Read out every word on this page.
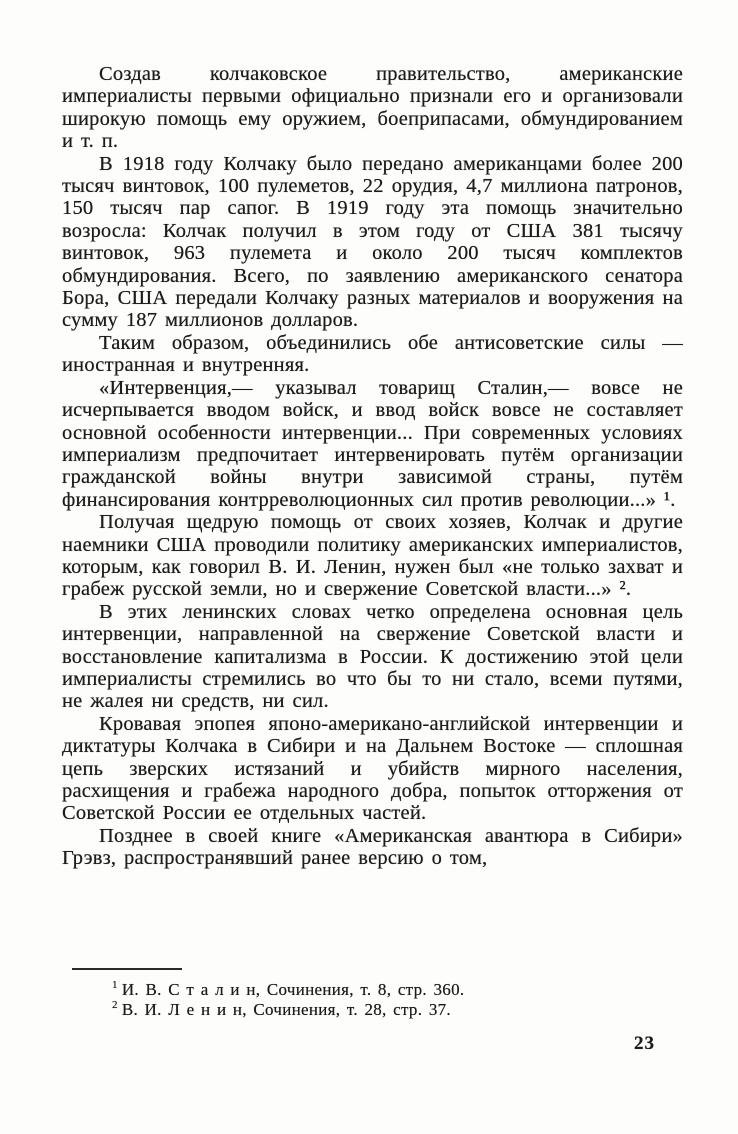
Создав колчаковское правительство, американские империалисты первыми официально признали его и организовали широкую помощь ему оружием, боеприпасами, обмундированием и т. п.

В 1918 году Колчаку было передано американцами более 200 тысяч винтовок, 100 пулеметов, 22 орудия, 4,7 миллиона патронов, 150 тысяч пар сапог. В 1919 году эта помощь значительно возросла: Колчак получил в этом году от США 381 тысячу винтовок, 963 пулемета и около 200 тысяч комплектов обмундирования. Всего, по заявлению американского сенатора Бора, США передали Колчаку разных материалов и вооружения на сумму 187 миллионов долларов.

Таким образом, объединились обе антисоветские силы — иностранная и внутренняя.

«Интервенция,— указывал товарищ Сталин,— вовсе не исчерпывается вводом войск, и ввод войск вовсе не составляет основной особенности интервенции... При современных условиях империализм предпочитает интервенировать путём организации гражданской войны внутри зависимой страны, путём финансирования контрреволюционных сил против революции...» ¹.

Получая щедрую помощь от своих хозяев, Колчак и другие наемники США проводили политику американских империалистов, которым, как говорил В. И. Ленин, нужен был «не только захват и грабеж русской земли, но и свержение Советской власти...» ².

В этих ленинских словах четко определена основная цель интервенции, направленной на свержение Советской власти и восстановление капитализма в России. К достижению этой цели империалисты стремились во что бы то ни стало, всеми путями, не жалея ни средств, ни сил.

Кровавая эпопея японо-американо-английской интервенции и диктатуры Колчака в Сибири и на Дальнем Востоке — сплошная цепь зверских истязаний и убийств мирного населения, расхищения и грабежа народного добра, попыток отторжения от Советской России ее отдельных частей.

Позднее в своей книге «Американская авантюра в Сибири» Грэвз, распространявший ранее версию о том,

$^1$ И. В. С т а л и н, Сочинения, т. 8, стр. 360.

$^2$ В. И. Л е н и н, Сочинения, т. 28, стр. 37.

23
